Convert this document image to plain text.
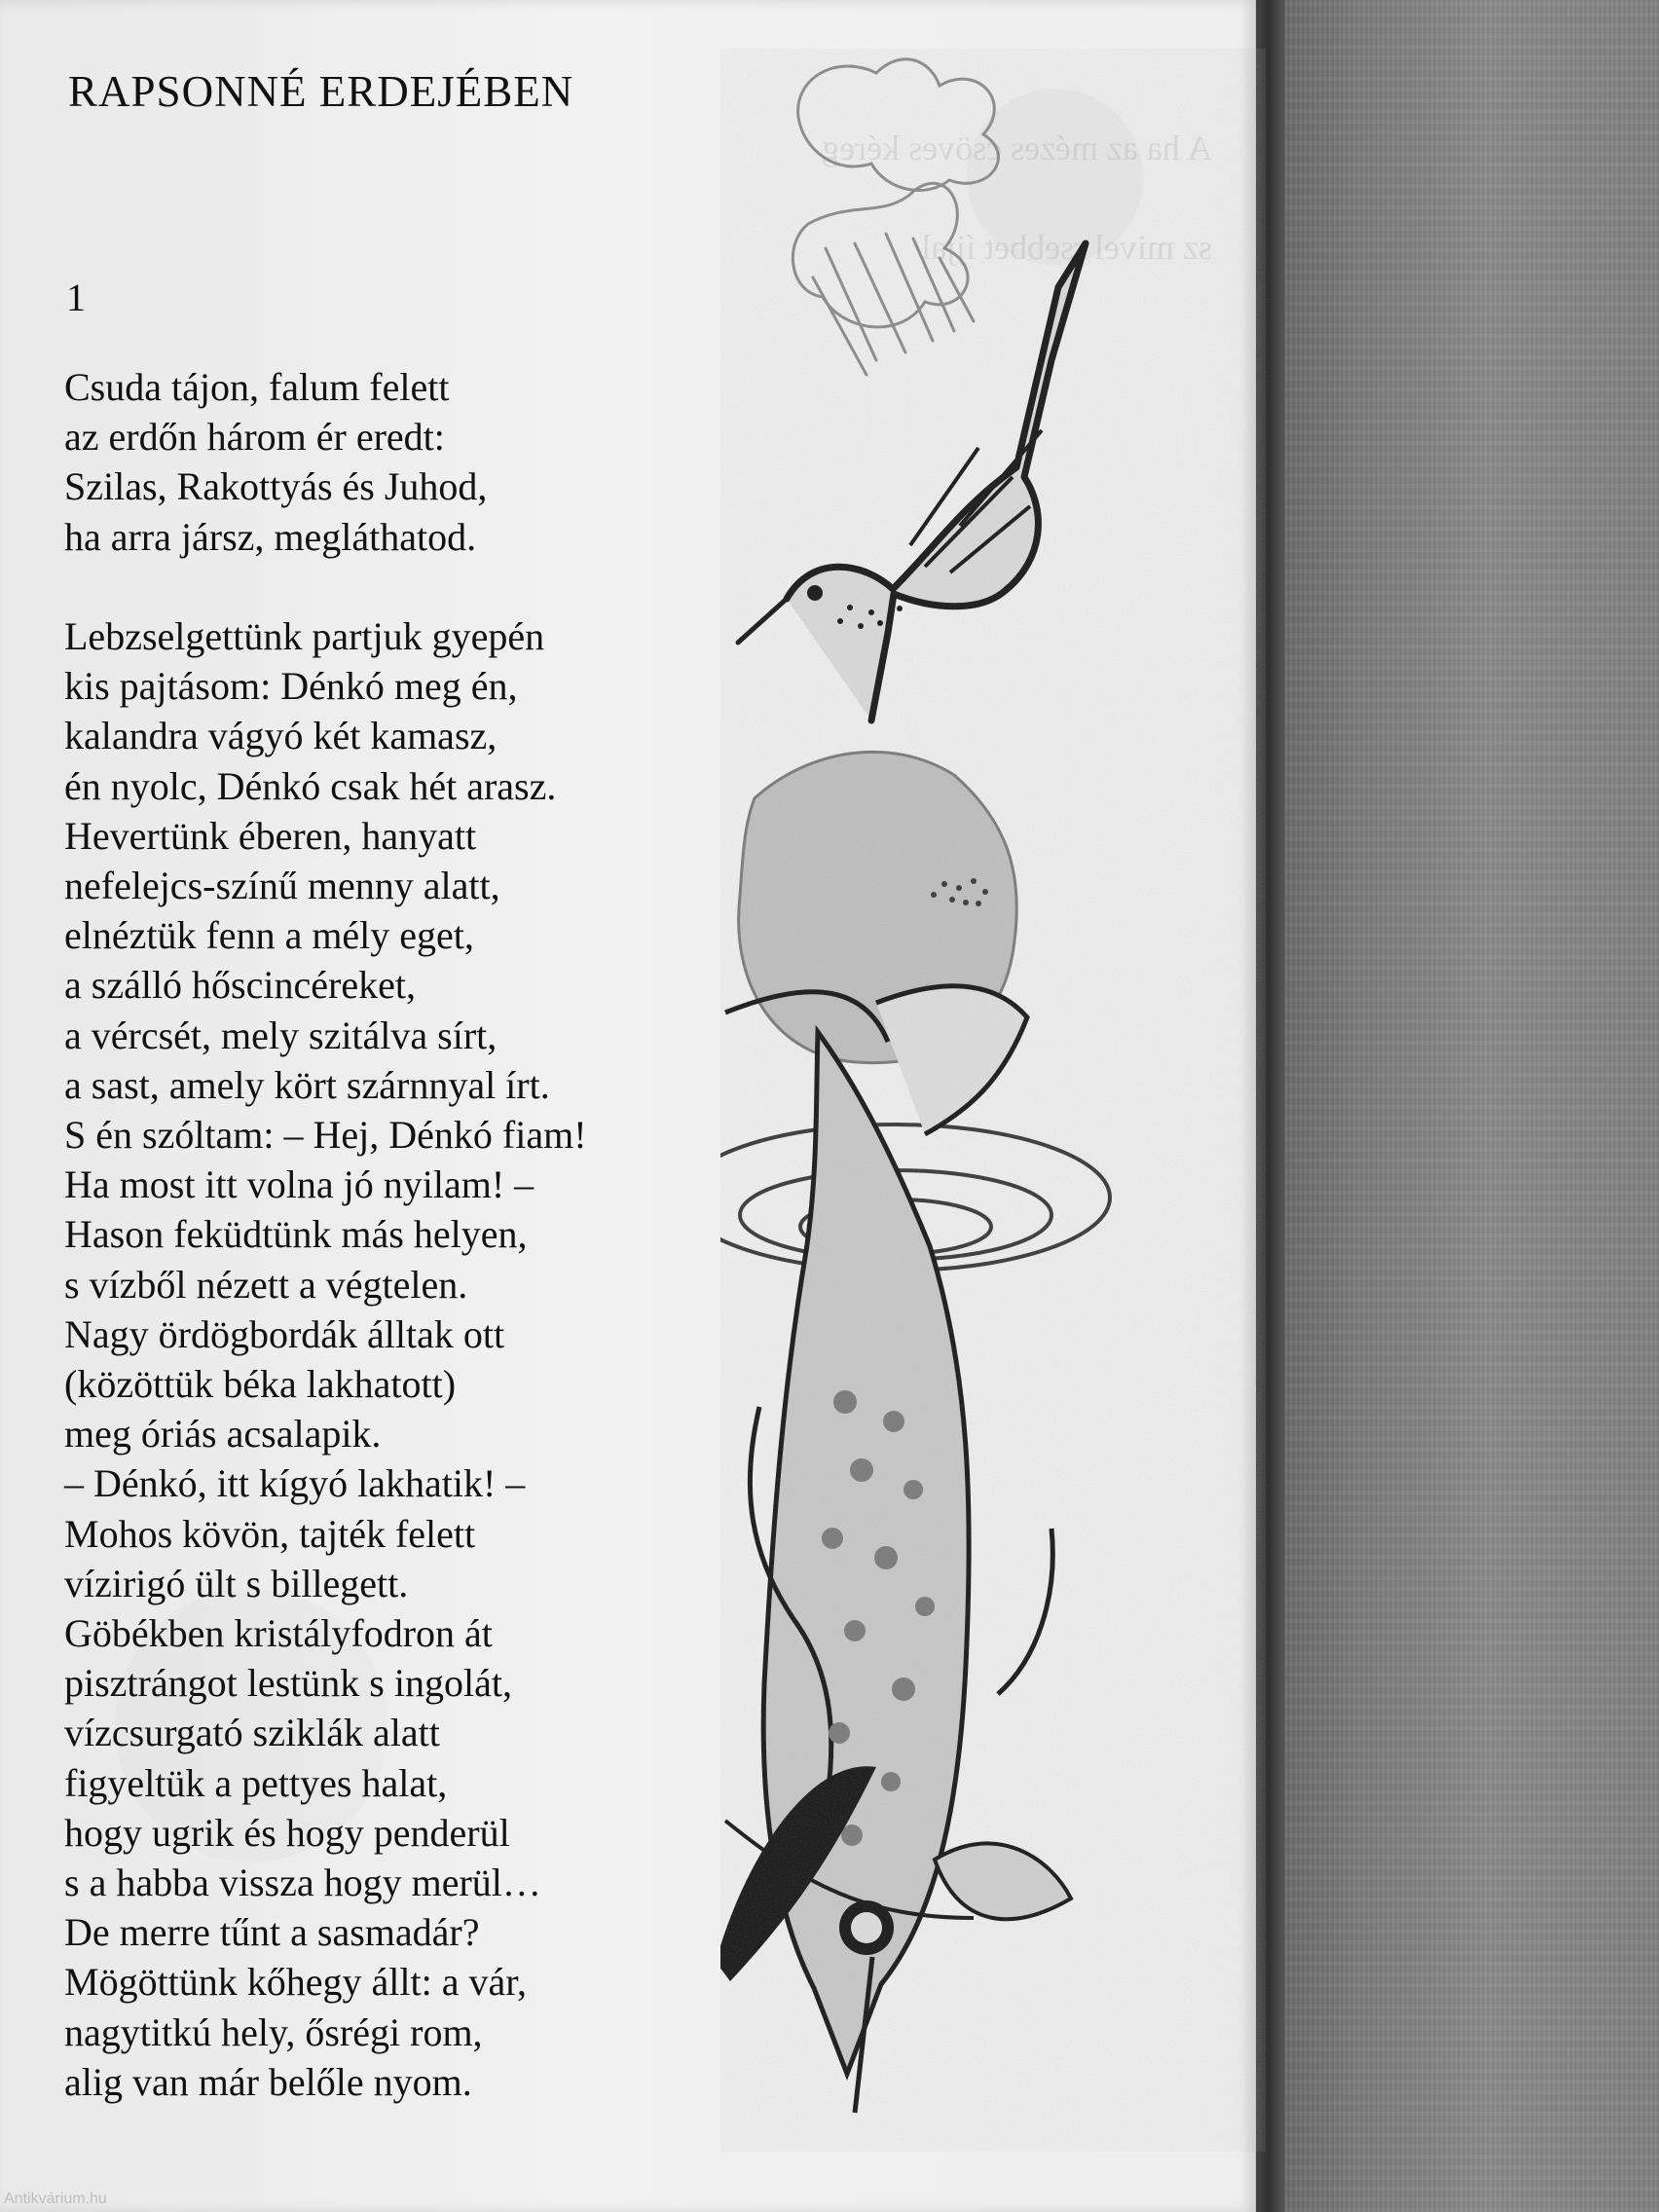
RAPSONNÉ ERDEJÉBEN
1
Csuda tájon, falum felett
az erdőn három ér eredt:
Szilas, Rakottyás és Juhod,
ha arra jársz, megláthatod.
Lebzselgettünk partjuk gyepén
kis pajtásom: Dénkó meg én,
kalandra vágyó két kamasz,
én nyolc, Dénkó csak hét arasz.
Hevertünk éberen, hanyatt
nefelejcs-színű menny alatt,
elnéztük fenn a mély eget,
a szálló hőscincéreket,
a vércsét, mely szitálva sírt,
a sast, amely kört szárnnyal írt.
S én szóltam: – Hej, Dénkó fiam!
Ha most itt volna jó nyilam! –
Hason feküdtünk más helyen,
s vízből nézett a végtelen.
Nagy ördögbordák álltak ott
(közöttük béka lakhatott)
meg óriás acsalapik.
– Dénkó, itt kígyó lakhatik! –
Mohos kövön, tajték felett
vízirigó ült s billegett.
Göbékben kristályfodron át
pisztrángot lestünk s ingolát,
vízcsurgató sziklák alatt
figyeltük a pettyes halat,
hogy ugrik és hogy penderül
s a habba vissza hogy merül…
De merre tűnt a sasmadár?
Mögöttünk kőhegy állt: a vár,
nagytitkú hely, ősrégi rom,
alig van már belőle nyom.
Antikvárium.hu
